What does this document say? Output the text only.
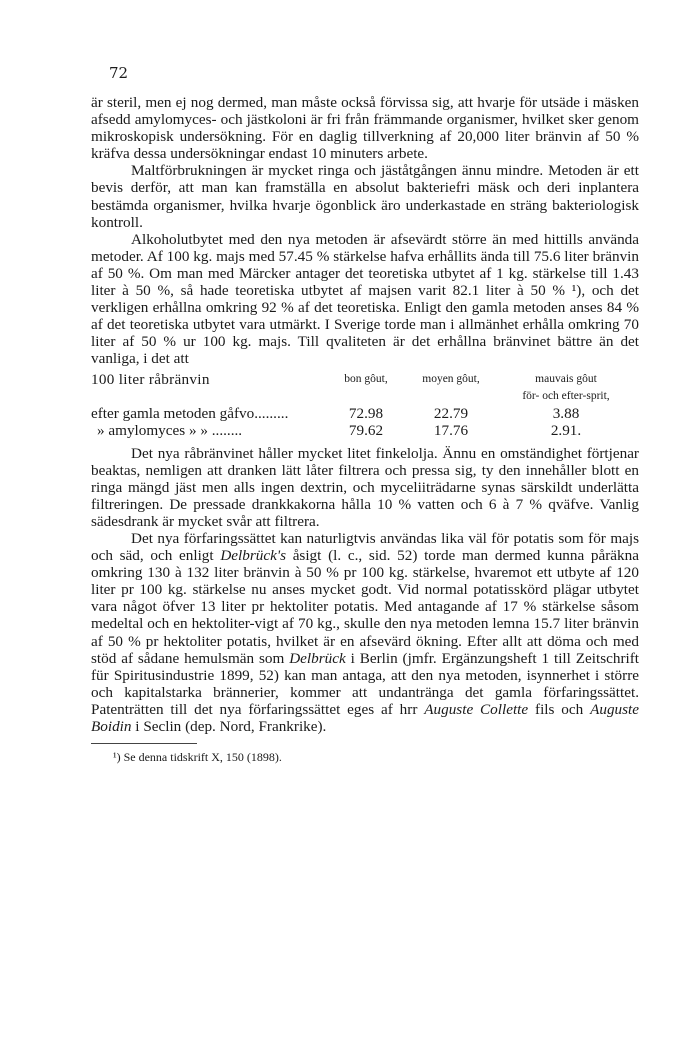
72

är steril, men ej nog dermed, man måste också förvissa sig, att hvarje för utsäde i mäsken afsedd amylomyces- och jästkoloni är fri från främmande organismer, hvilket sker genom mikroskopisk undersökning. För en daglig tillverkning af 20,000 liter bränvin af 50 % kräfva dessa undersökningar endast 10 minuters arbete.

Maltförbrukningen är mycket ringa och jäståtgången ännu mindre. Metoden är ett bevis derför, att man kan framställa en absolut bakteriefri mäsk och deri inplantera bestämda organismer, hvilka hvarje ögonblick äro underkastade en sträng bakteriologisk kontroll.

Alkoholutbytet med den nya metoden är afsevärdt större än med hittills använda metoder. Af 100 kg. majs med 57.45 % stärkelse hafva erhållits ända till 75.6 liter bränvin af 50 %. Om man med Märcker antager det teoretiska utbytet af 1 kg. stärkelse till 1.43 liter à 50 %, så hade teoretiska utbytet af majsen varit 82.1 liter à 50 % ¹), och det verkligen erhållna omkring 92 % af det teoretiska. Enligt den gamla metoden anses 84 % af det teoretiska utbytet vara utmärkt. I Sverige torde man i allmänhet erhålla omkring 70 liter af 50 % ur 100 kg. majs. Till qvaliteten är det erhållna bränvinet bättre än det vanliga, i det att

100 liter råbränvin	bon gôut,	moyen gôut,	mauvais gôut
för- och efter-sprit,
efter gamla metoden gåfvo.........	72.98	22.79	3.88
» amylomyces » » ........	79.62	17.76	2.91.

Det nya råbränvinet håller mycket litet finkelolja. Ännu en omständighet förtjenar beaktas, nemligen att dranken lätt låter filtrera och pressa sig, ty den innehåller blott en ringa mängd jäst men alls ingen dextrin, och myceliiträdarne synas särskildt underlätta filtreringen. De pressade drankkakorna hålla 10 % vatten och 6 à 7 % qväfve. Vanlig sädesdrank är mycket svår att filtrera.

Det nya förfaringssättet kan naturligtvis användas lika väl för potatis som för majs och säd, och enligt Delbrück's åsigt (l. c., sid. 52) torde man dermed kunna påräkna omkring 130 à 132 liter bränvin à 50 % pr 100 kg. stärkelse, hvaremot ett utbyte af 120 liter pr 100 kg. stärkelse nu anses mycket godt. Vid normal potatisskörd plägar utbytet vara något öfver 13 liter pr hektoliter potatis. Med antagande af 17 % stärkelse såsom medeltal och en hektoliter-vigt af 70 kg., skulle den nya metoden lemna 15.7 liter bränvin af 50 % pr hektoliter potatis, hvilket är en afsevärd ökning. Efter allt att döma och med stöd af sådane hemulsmän som Delbrück i Berlin (jmfr. Ergänzungsheft 1 till Zeitschrift für Spiritusindustrie 1899, 52) kan man antaga, att den nya metoden, isynnerhet i större och kapitalstarka brännerier, kommer att undantränga det gamla förfaringssättet. Patenträtten till det nya förfaringssättet eges af hrr Auguste Collette fils och Auguste Boidin i Seclin (dep. Nord, Frankrike).

¹) Se denna tidskrift X, 150 (1898).
